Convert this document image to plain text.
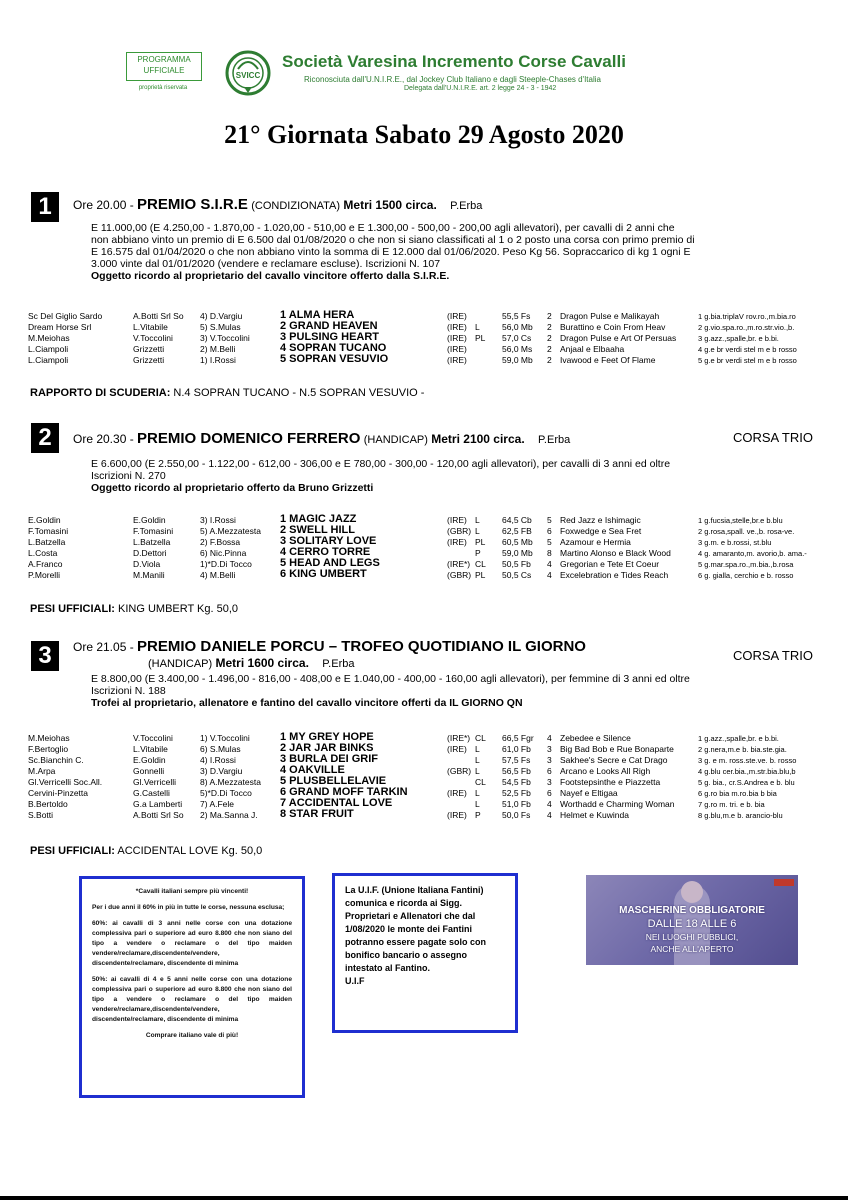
PROGRAMMA
UFFICIALE
proprietà riservata
SVICC
Società Varesina Incremento Corse Cavalli
Riconosciuta dall'U.N.I.R.E., dal Jockey Club Italiano e dagli Steeple-Chases d'Italia
Delegata dall'U.N.I.R.E. art. 2 legge 24 - 3 - 1942
21° Giornata Sabato 29 Agosto 2020
1	Ore 20.00 - PREMIO S.I.R.E (CONDIZIONATA) Metri 1500 circa. P.Erba
E 11.000,00 (E 4.250,00 - 1.870,00 - 1.020,00 - 510,00 e E 1.300,00 - 500,00 - 200,00 agli allevatori), per cavalli di 2 anni che
non abbiano vinto un premio di E 6.500 dal 01/08/2020 o che non si siano classificati al 1 o 2 posto una corsa con primo premio di
E 16.575 dal 01/04/2020 o che non abbiano vinto la somma di E 12.000 dal 01/06/2020. Peso Kg 56. Sopraccarico di kg 1 ogni E
3.000 vinte dal 01/01/2020 (vendere e reclamare escluse). Iscrizioni N. 107
Oggetto ricordo al proprietario del cavallo vincitore offerto dalla S.I.R.E.
Sc Del Giglio Sardo	A.Botti Srl So 4) D.Vargiu	1 ALMA HERA	(IRE)	55,5 Fs 2 Dragon Pulse e Malikayah	1 g.bia.triplaV rov.ro.,m.bia.ro
Dream Horse Srl	L.Vitabile	5) S.Mulas	2 GRAND HEAVEN	(IRE) L	56,0 Mb 2 Burattino e Coin From Heav	2 g.vio.spa.ro.,m.ro.str.vio.,b.
M.Meiohas	V.Toccolini	3) V.Toccolini	3 PULSING HEART	(IRE) PL 57,0 Cs 2 Dragon Pulse e Art Of Persuas	3 g.azz.,spalle,br. e b.bi.
L.Ciampoli	Grizzetti	2) M.Belli	4 SOPRAN TUCANO	(IRE)	56,0 Ms 2 Anjaal e Elbaaha	4 g.e br verdi stel m e b rosso
L.Ciampoli	Grizzetti	1) I.Rossi	5 SOPRAN VESUVIO	(IRE)	59,0 Mb 2 Ivawood e Feet Of Flame	5 g.e br verdi stel m e b rosso
RAPPORTO DI SCUDERIA: N.4 SOPRAN TUCANO - N.5 SOPRAN VESUVIO -
2	Ore 20.30 - PREMIO DOMENICO FERRERO (HANDICAP) Metri 2100 circa. P.Erba	CORSA TRIO
E 6.600,00 (E 2.550,00 - 1.122,00 - 612,00 - 306,00 e E 780,00 - 300,00 - 120,00 agli allevatori), per cavalli di 3 anni ed oltre
Iscrizioni N. 270
Oggetto ricordo al proprietario offerto da Bruno Grizzetti
E.Goldin	E.Goldin	3) I.Rossi	1 MAGIC JAZZ	(IRE) L	64,5 Cb 5 Red Jazz e Ishimagic	1 g.fucsia,stelle,br.e b.blu
F.Tomasini	F.Tomasini	5) A.Mezzatesta 2 SWELL HILL	(GBR) L	62,5 FB 6 Foxwedge e Sea Fret	2 g.rosa,spall. ve.,b. rosa-ve.
L.Batzella	L.Batzella	2) F.Bossa	3 SOLITARY LOVE	(IRE) PL 60,5 Mb 5 Azamour e Hermia	3 g.m. e b.rossi, st.blu
L.Costa	D.Dettori	6) Nic.Pinna	4 CERRO TORRE	P	59,0 Mb 8 Martino Alonso e Black Wood	4 g. amaranto,m. avorio,b. ama.-
A.Franco	D.Viola	1)*D.Di Tocco	5 HEAD AND LEGS	(IRE*) CL 50,5 Fb 4 Gregorian e Tete Et Coeur	5 g.mar.spa.ro.,m.bia.,b.rosa
P.Morelli	M.Manili	4) M.Belli	6 KING UMBERT	(GBR) PL 50,5 Cs 4 Excelebration e Tides Reach	6 g. gialla, cerchio e b. rosso
PESI UFFICIALI: KING UMBERT Kg. 50,0
3	Ore 21.05 - PREMIO DANIELE PORCU – TROFEO QUOTIDIANO IL GIORNO
(HANDICAP) Metri 1600 circa. P.Erba
CORSA TRIO
E 8.800,00 (E 3.400,00 - 1.496,00 - 816,00 - 408,00 e E 1.040,00 - 400,00 - 160,00 agli allevatori), per femmine di 3 anni ed oltre
Iscrizioni N. 188
Trofei al proprietario, allenatore e fantino del cavallo vincitore offerti da IL GIORNO QN
M.Meiohas	V.Toccolini	1) V.Toccolini	1 MY GREY HOPE	(IRE*) CL 66,5 Fgr 4 Zebedee e Silence	1 g.azz.,spalle,br. e b.bi.
F.Bertoglio	L.Vitabile	6) S.Mulas	2 JAR JAR BINKS	(IRE) L	61,0 Fb 3 Big Bad Bob e Rue Bonaparte	2 g.nera,m.e b. bia.ste.gia.
Sc.Bianchin C.	E.Goldin	4) I.Rossi	3 BURLA DEI GRIF	L	57,5 Fs 3 Sakhee's Secre e Cat Drago	3 g. e m. ross.ste.ve. b. rosso
M.Arpa	Gonnelli	3) D.Vargiu	4 OAKVILLE	(GBR) L	56,5 Fb 6 Arcano e Looks All Righ	4 g.blu cer.bia.,m.str.bia.blu,b
Gl.Verricelli Soc.All.	Gl.Verricelli	8) A.Mezzatesta 5 PLUSBELLELAVIE	CL 54,5 Fb 3 Footstepsinthe e Piazzetta	5 g. bia., cr.S.Andrea e b. blu
Cervini-Pinzetta	G.Castelli	5)*D.Di Tocco	6 GRAND MOFF TARKIN	(IRE) L	52,5 Fb 6 Nayef e Eltigaa	6 g.ro bia m.ro.bia b bia
B.Bertoldo	G.a Lamberti 7) A.Fele	7 ACCIDENTAL LOVE	L	51,0 Fb 4 Worthadd e Charming Woman	7 g.ro m. tri. e b. bia
S.Botti	A.Botti Srl So 2) Ma.Sanna J. 8 STAR FRUIT	(IRE) P	50,0 Fs 4 Helmet e Kuwinda	8 g.blu,m.e b. arancio-blu
PESI UFFICIALI: ACCIDENTAL LOVE Kg. 50,0

*Cavalli italiani sempre più vincenti!

Per i due anni il 60% in più in tutte le corse, nessuna esclusa;

60%: ai cavalli di 3 anni nelle corse con una dotazione complessiva pari o superiore ad euro 8.800 che non siano del tipo a vendere o reclamare o del tipo maiden vendere/reclamare,discendente/vendere, discendente/reclamare, discendente di minima

50%: ai cavalli di 4 e 5 anni nelle corse con una dotazione complessiva pari o superiore ad euro 8.800 che non siano del tipo a vendere o reclamare o del tipo maiden vendere/reclamare,discendente/vendere, discendente/reclamare, discendente di minima

Comprare italiano vale di più!

La U.I.F. (Unione Italiana Fantini) comunica e ricorda ai Sigg. Proprietari e Allenatori che dal 1/08/2020 le monte dei Fantini potranno essere pagate solo con bonifico bancario o assegno intestato al Fantino.
U.I.F
MASCHERINE OBBLIGATORIE
DALLE 18 ALLE 6
NEI LUOGHI PUBBLICI,
ANCHE ALL'APERTO
